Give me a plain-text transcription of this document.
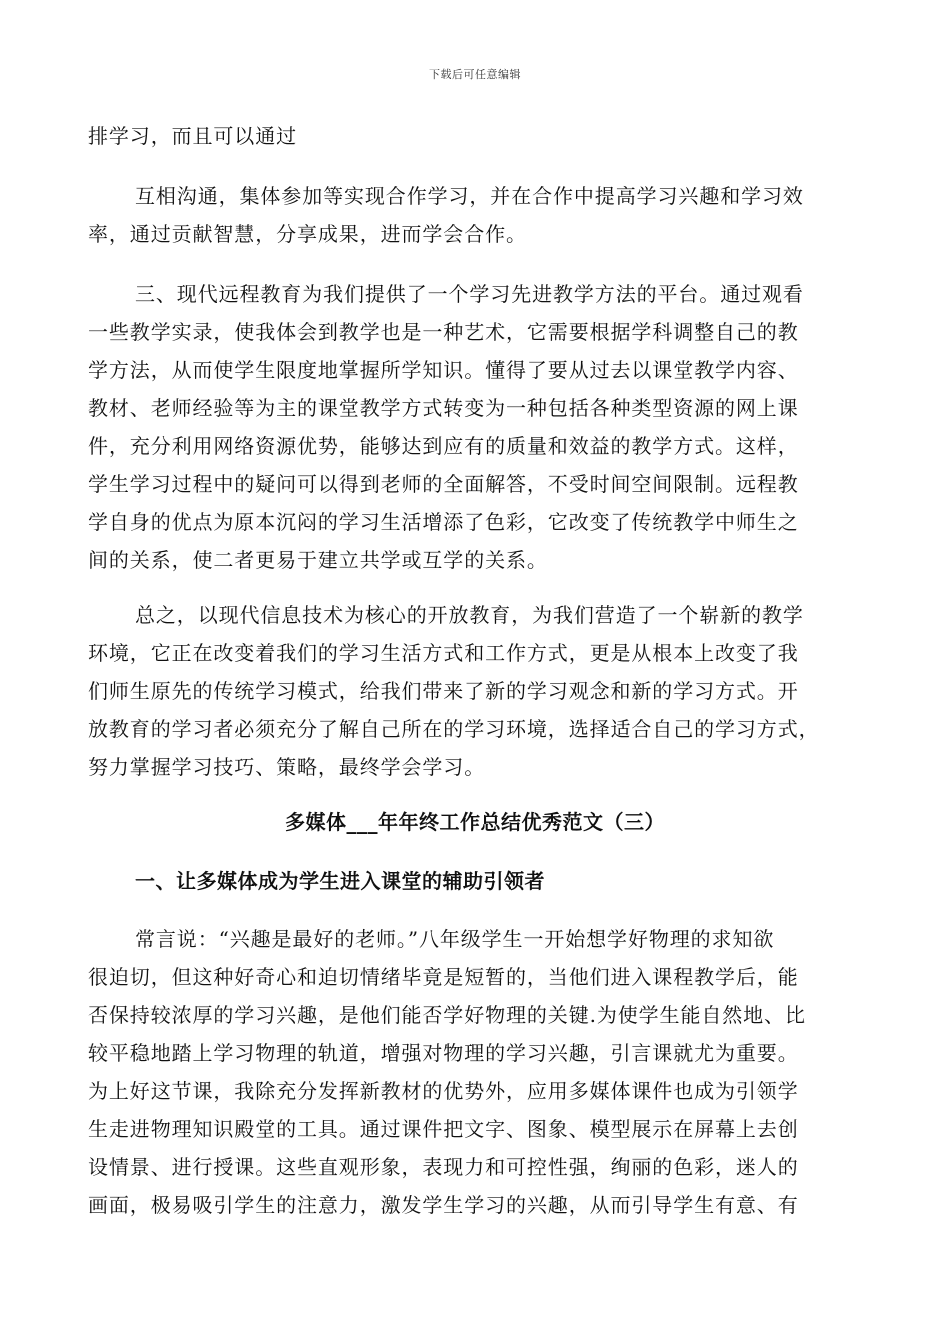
下载后可任意编辑
排学习，而且可以通过
互相沟通，集体参加等实现合作学习，并在合作中提高学习兴趣和学习效
率，通过贡献智慧，分享成果，进而学会合作。
三、现代远程教育为我们提供了一个学习先进教学方法的平台。通过观看
一些教学实录，使我体会到教学也是一种艺术，它需要根据学科调整自己的教
学方法，从而使学生限度地掌握所学知识。懂得了要从过去以课堂教学内容、
教材、老师经验等为主的课堂教学方式转变为一种包括各种类型资源的网上课
件，充分利用网络资源优势，能够达到应有的质量和效益的教学方式。这样，
学生学习过程中的疑问可以得到老师的全面解答，不受时间空间限制。远程教
学自身的优点为原本沉闷的学习生活增添了色彩，它改变了传统教学中师生之
间的关系，使二者更易于建立共学或互学的关系。
总之，以现代信息技术为核心的开放教育，为我们营造了一个崭新的教学
环境，它正在改变着我们的学习生活方式和工作方式，更是从根本上改变了我
们师生原先的传统学习模式，给我们带来了新的学习观念和新的学习方式。开
放教育的学习者必须充分了解自己所在的学习环境，选择适合自己的学习方式，
努力掌握学习技巧、策略，最终学会学习。
多媒体___年年终工作总结优秀范文（三）
一、让多媒体成为学生进入课堂的辅助引领者
常言说：“兴趣是最好的老师。”八年级学生一开始想学好物理的求知欲
很迫切，但这种好奇心和迫切情绪毕竟是短暂的，当他们进入课程教学后，能
否保持较浓厚的学习兴趣，是他们能否学好物理的关键.为使学生能自然地、比
较平稳地踏上学习物理的轨道，增强对物理的学习兴趣，引言课就尤为重要。
为上好这节课，我除充分发挥新教材的优势外，应用多媒体课件也成为引领学
生走进物理知识殿堂的工具。通过课件把文字、图象、模型展示在屏幕上去创
设情景、进行授课。这些直观形象，表现力和可控性强，绚丽的色彩，迷人的
画面，极易吸引学生的注意力，激发学生学习的兴趣，从而引导学生有意、有
